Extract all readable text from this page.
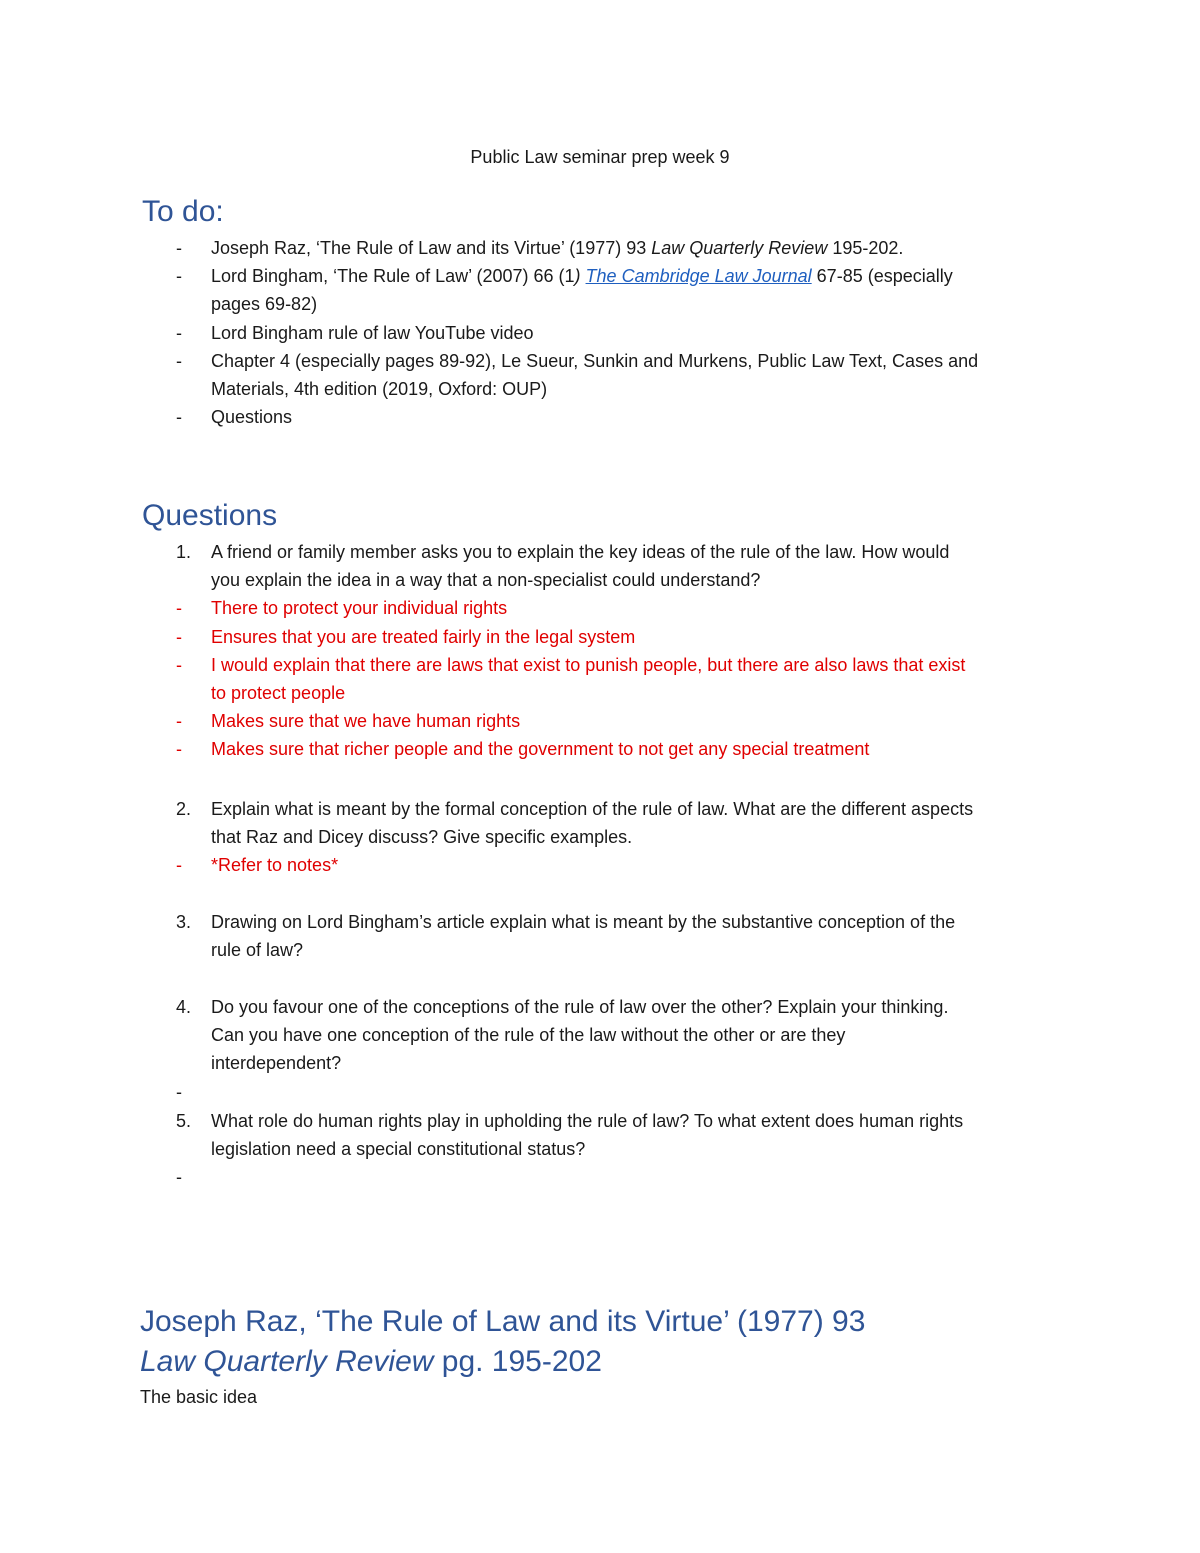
Public Law seminar prep week 9
To do:
-	Joseph Raz, ‘The Rule of Law and its Virtue’ (1977) 93 Law Quarterly Review 195-202.
-	Lord Bingham, ‘The Rule of Law’ (2007) 66 (1) The Cambridge Law Journal 67-85 (especially
pages 69-82)
-	Lord Bingham rule of law YouTube video
-	Chapter 4 (especially pages 89-92), Le Sueur, Sunkin and Murkens, Public Law Text, Cases and
Materials, 4th edition (2019, Oxford: OUP)
-	Questions
Questions
1.	A friend or family member asks you to explain the key ideas of the rule of the law. How would
you explain the idea in a way that a non-specialist could understand?
-	There to protect your individual rights
-	Ensures that you are treated fairly in the legal system
-	I would explain that there are laws that exist to punish people, but there are also laws that exist
to protect people
-	Makes sure that we have human rights
-	Makes sure that richer people and the government to not get any special treatment
2.	Explain what is meant by the formal conception of the rule of law. What are the different aspects
that Raz and Dicey discuss? Give specific examples.
-	*Refer to notes*
3.	Drawing on Lord Bingham’s article explain what is meant by the substantive conception of the
rule of law?
4.	Do you favour one of the conceptions of the rule of law over the other? Explain your thinking.
Can you have one conception of the rule of the law without the other or are they
interdependent?
-
5.	What role do human rights play in upholding the rule of law? To what extent does human rights
legislation need a special constitutional status?
-
Joseph Raz, ‘The Rule of Law and its Virtue’ (1977) 93
Law Quarterly Review pg. 195-202
The basic idea
